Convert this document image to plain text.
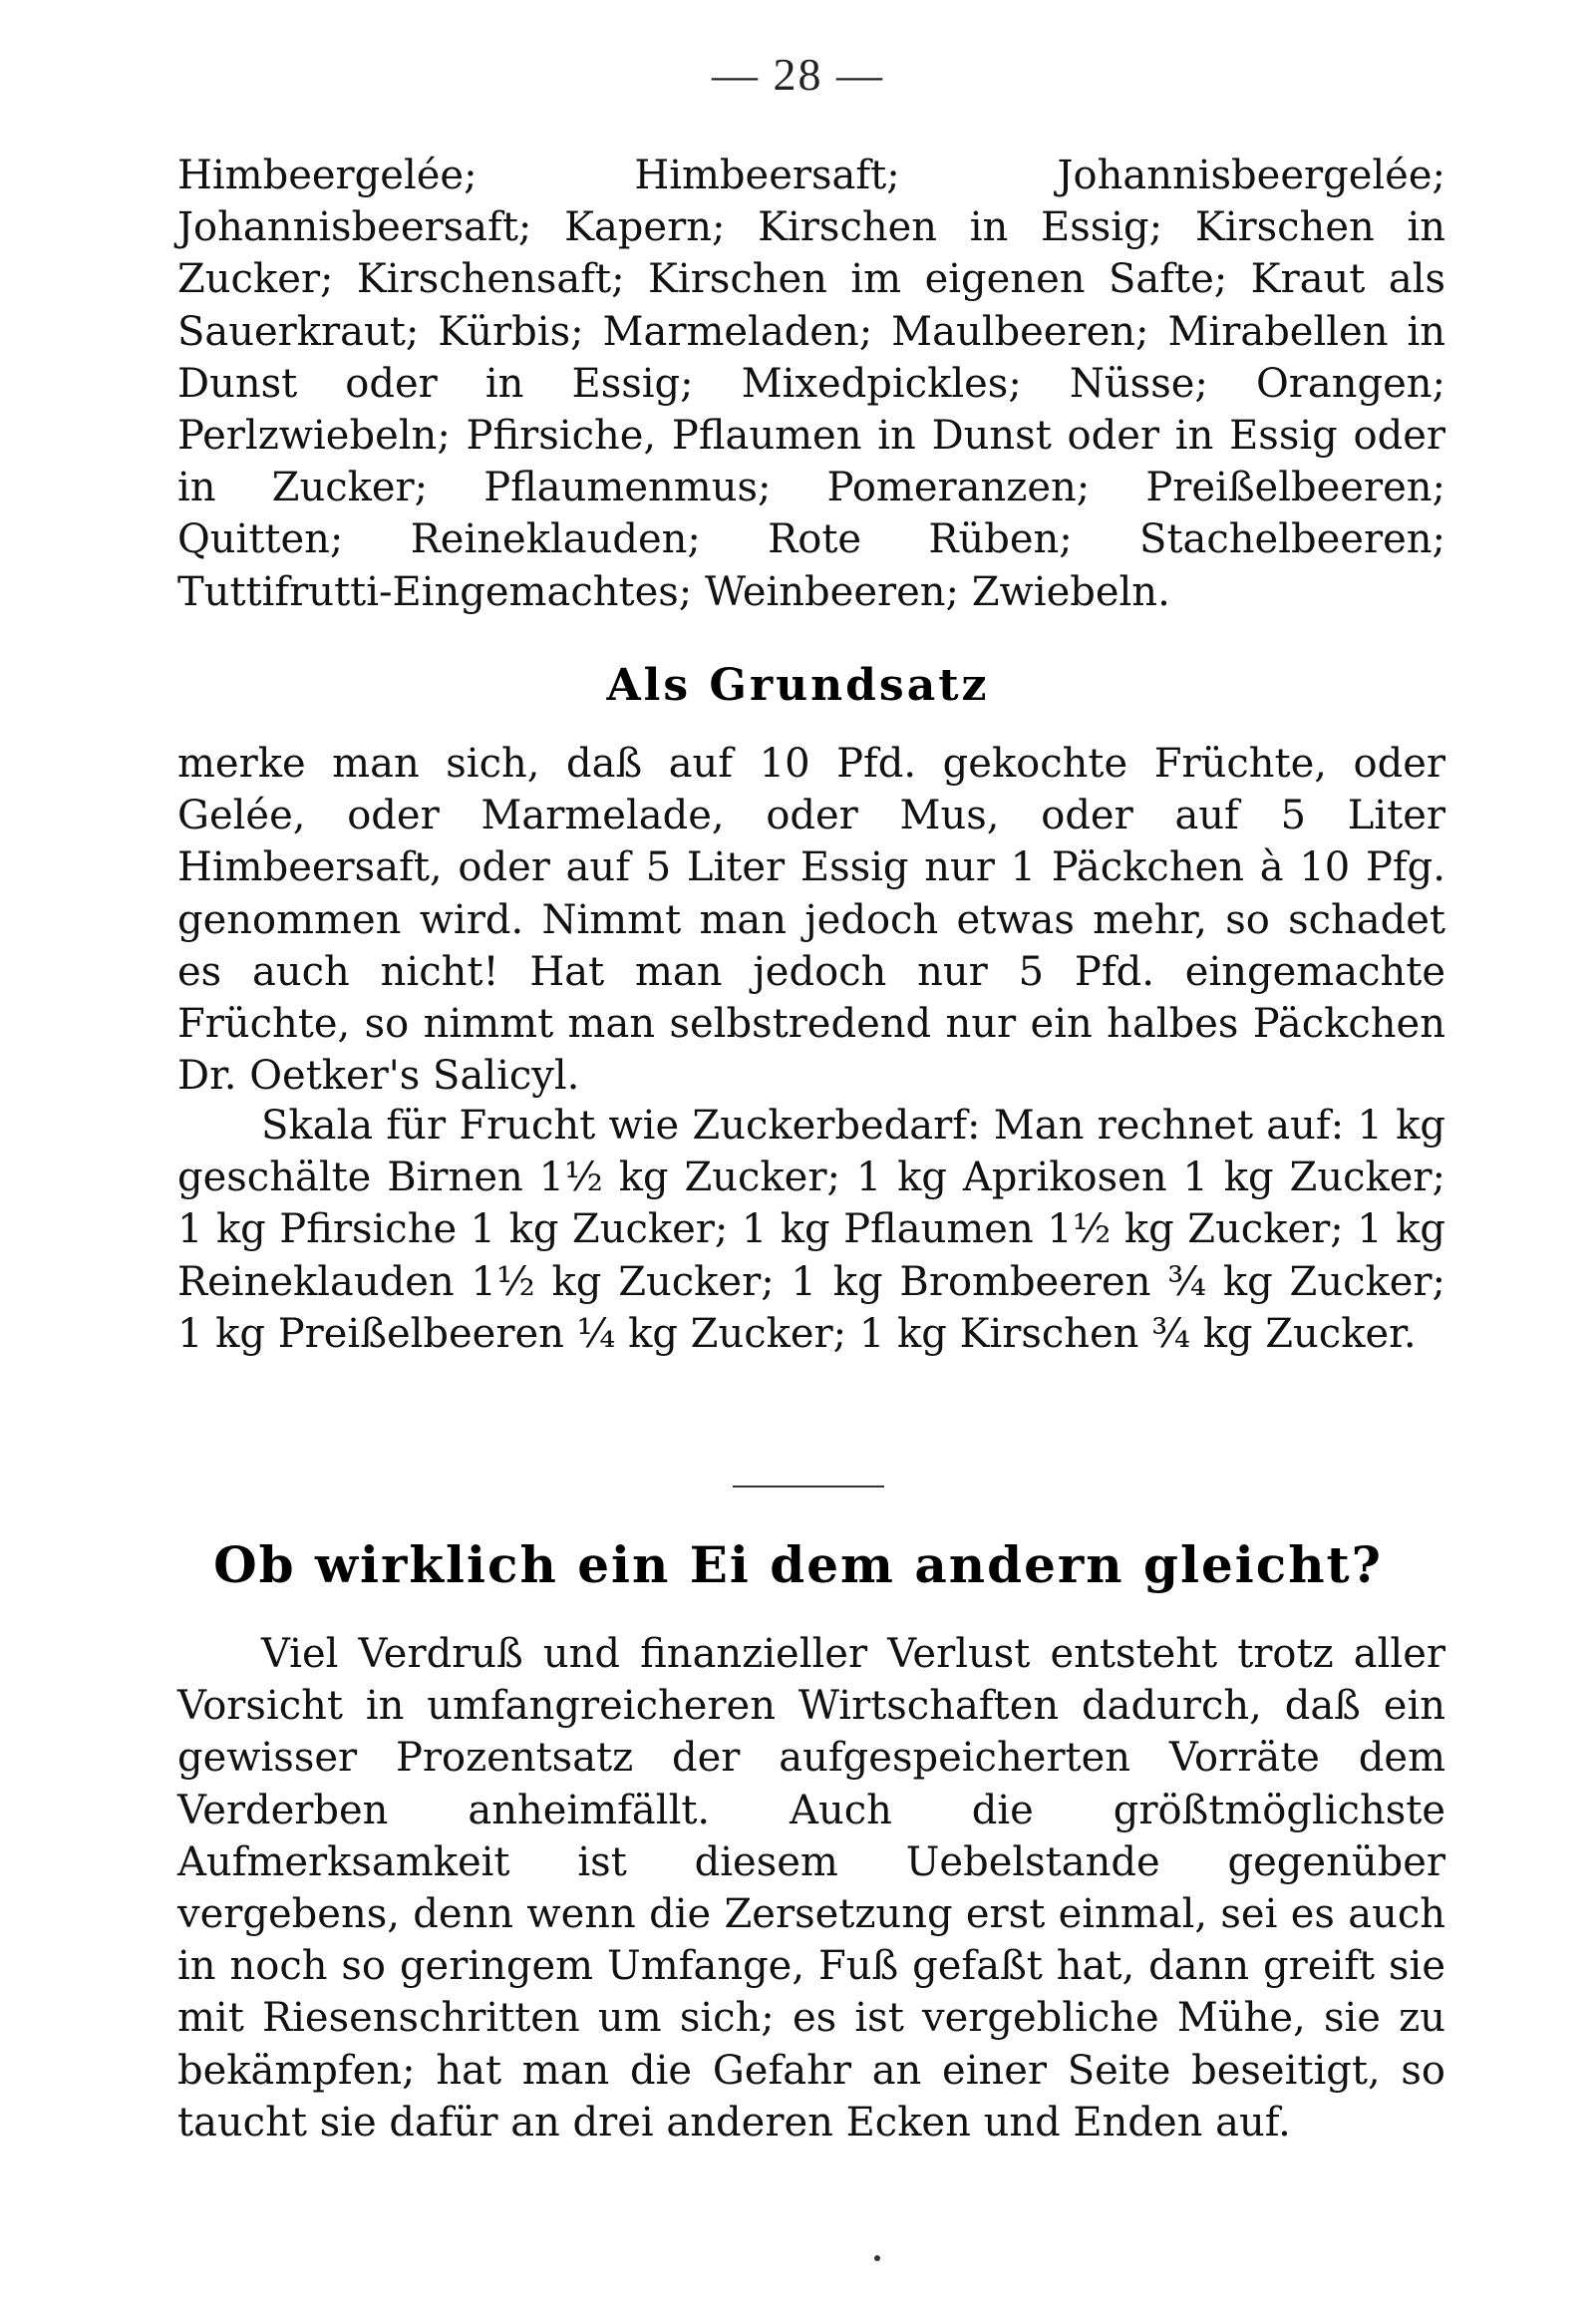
— 28 —
Himbeergelée; Himbeersaft; Johannisbeergelée; Johannisbeersaft; Kapern; Kirschen in Essig; Kirschen in Zucker; Kirschensaft; Kirschen im eigenen Safte; Kraut als Sauerkraut; Kürbis; Marmeladen; Maulbeeren; Mirabellen in Dunst oder in Essig; Mixedpickles; Nüsse; Orangen; Perlzwiebeln; Pfirsiche, Pflaumen in Dunst oder in Essig oder in Zucker; Pflaumenmus; Pomeranzen; Preißelbeeren; Quitten; Reineklauden; Rote Rüben; Stachelbeeren; Tuttifrutti-Eingemachtes; Weinbeeren; Zwiebeln.
Als Grundsatz
merke man sich, daß auf 10 Pfd. gekochte Früchte, oder Gelée, oder Marmelade, oder Mus, oder auf 5 Liter Himbeersaft, oder auf 5 Liter Essig nur 1 Päckchen à 10 Pfg. genommen wird. Nimmt man jedoch etwas mehr, so schadet es auch nicht! Hat man jedoch nur 5 Pfd. eingemachte Früchte, so nimmt man selbstredend nur ein halbes Päckchen Dr. Oetker's Salicyl.
Skala für Frucht wie Zuckerbedarf: Man rechnet auf: 1 kg geschälte Birnen 1½ kg Zucker; 1 kg Aprikosen 1 kg Zucker; 1 kg Pfirsiche 1 kg Zucker; 1 kg Pflaumen 1½ kg Zucker; 1 kg Reineklauden 1½ kg Zucker; 1 kg Brombeeren ¾ kg Zucker; 1 kg Preißelbeeren ¼ kg Zucker; 1 kg Kirschen ¾ kg Zucker.
Ob wirklich ein Ei dem andern gleicht?
Viel Verdruß und finanzieller Verlust entsteht trotz aller Vorsicht in umfangreicheren Wirtschaften dadurch, daß ein gewisser Prozentsatz der aufgespeicherten Vorräte dem Verderben anheimfällt. Auch die größtmöglichste Aufmerksamkeit ist diesem Uebelstande gegenüber vergebens, denn wenn die Zersetzung erst einmal, sei es auch in noch so geringem Umfange, Fuß gefaßt hat, dann greift sie mit Riesenschritten um sich; es ist vergebliche Mühe, sie zu bekämpfen; hat man die Gefahr an einer Seite beseitigt, so taucht sie dafür an drei anderen Ecken und Enden auf.
